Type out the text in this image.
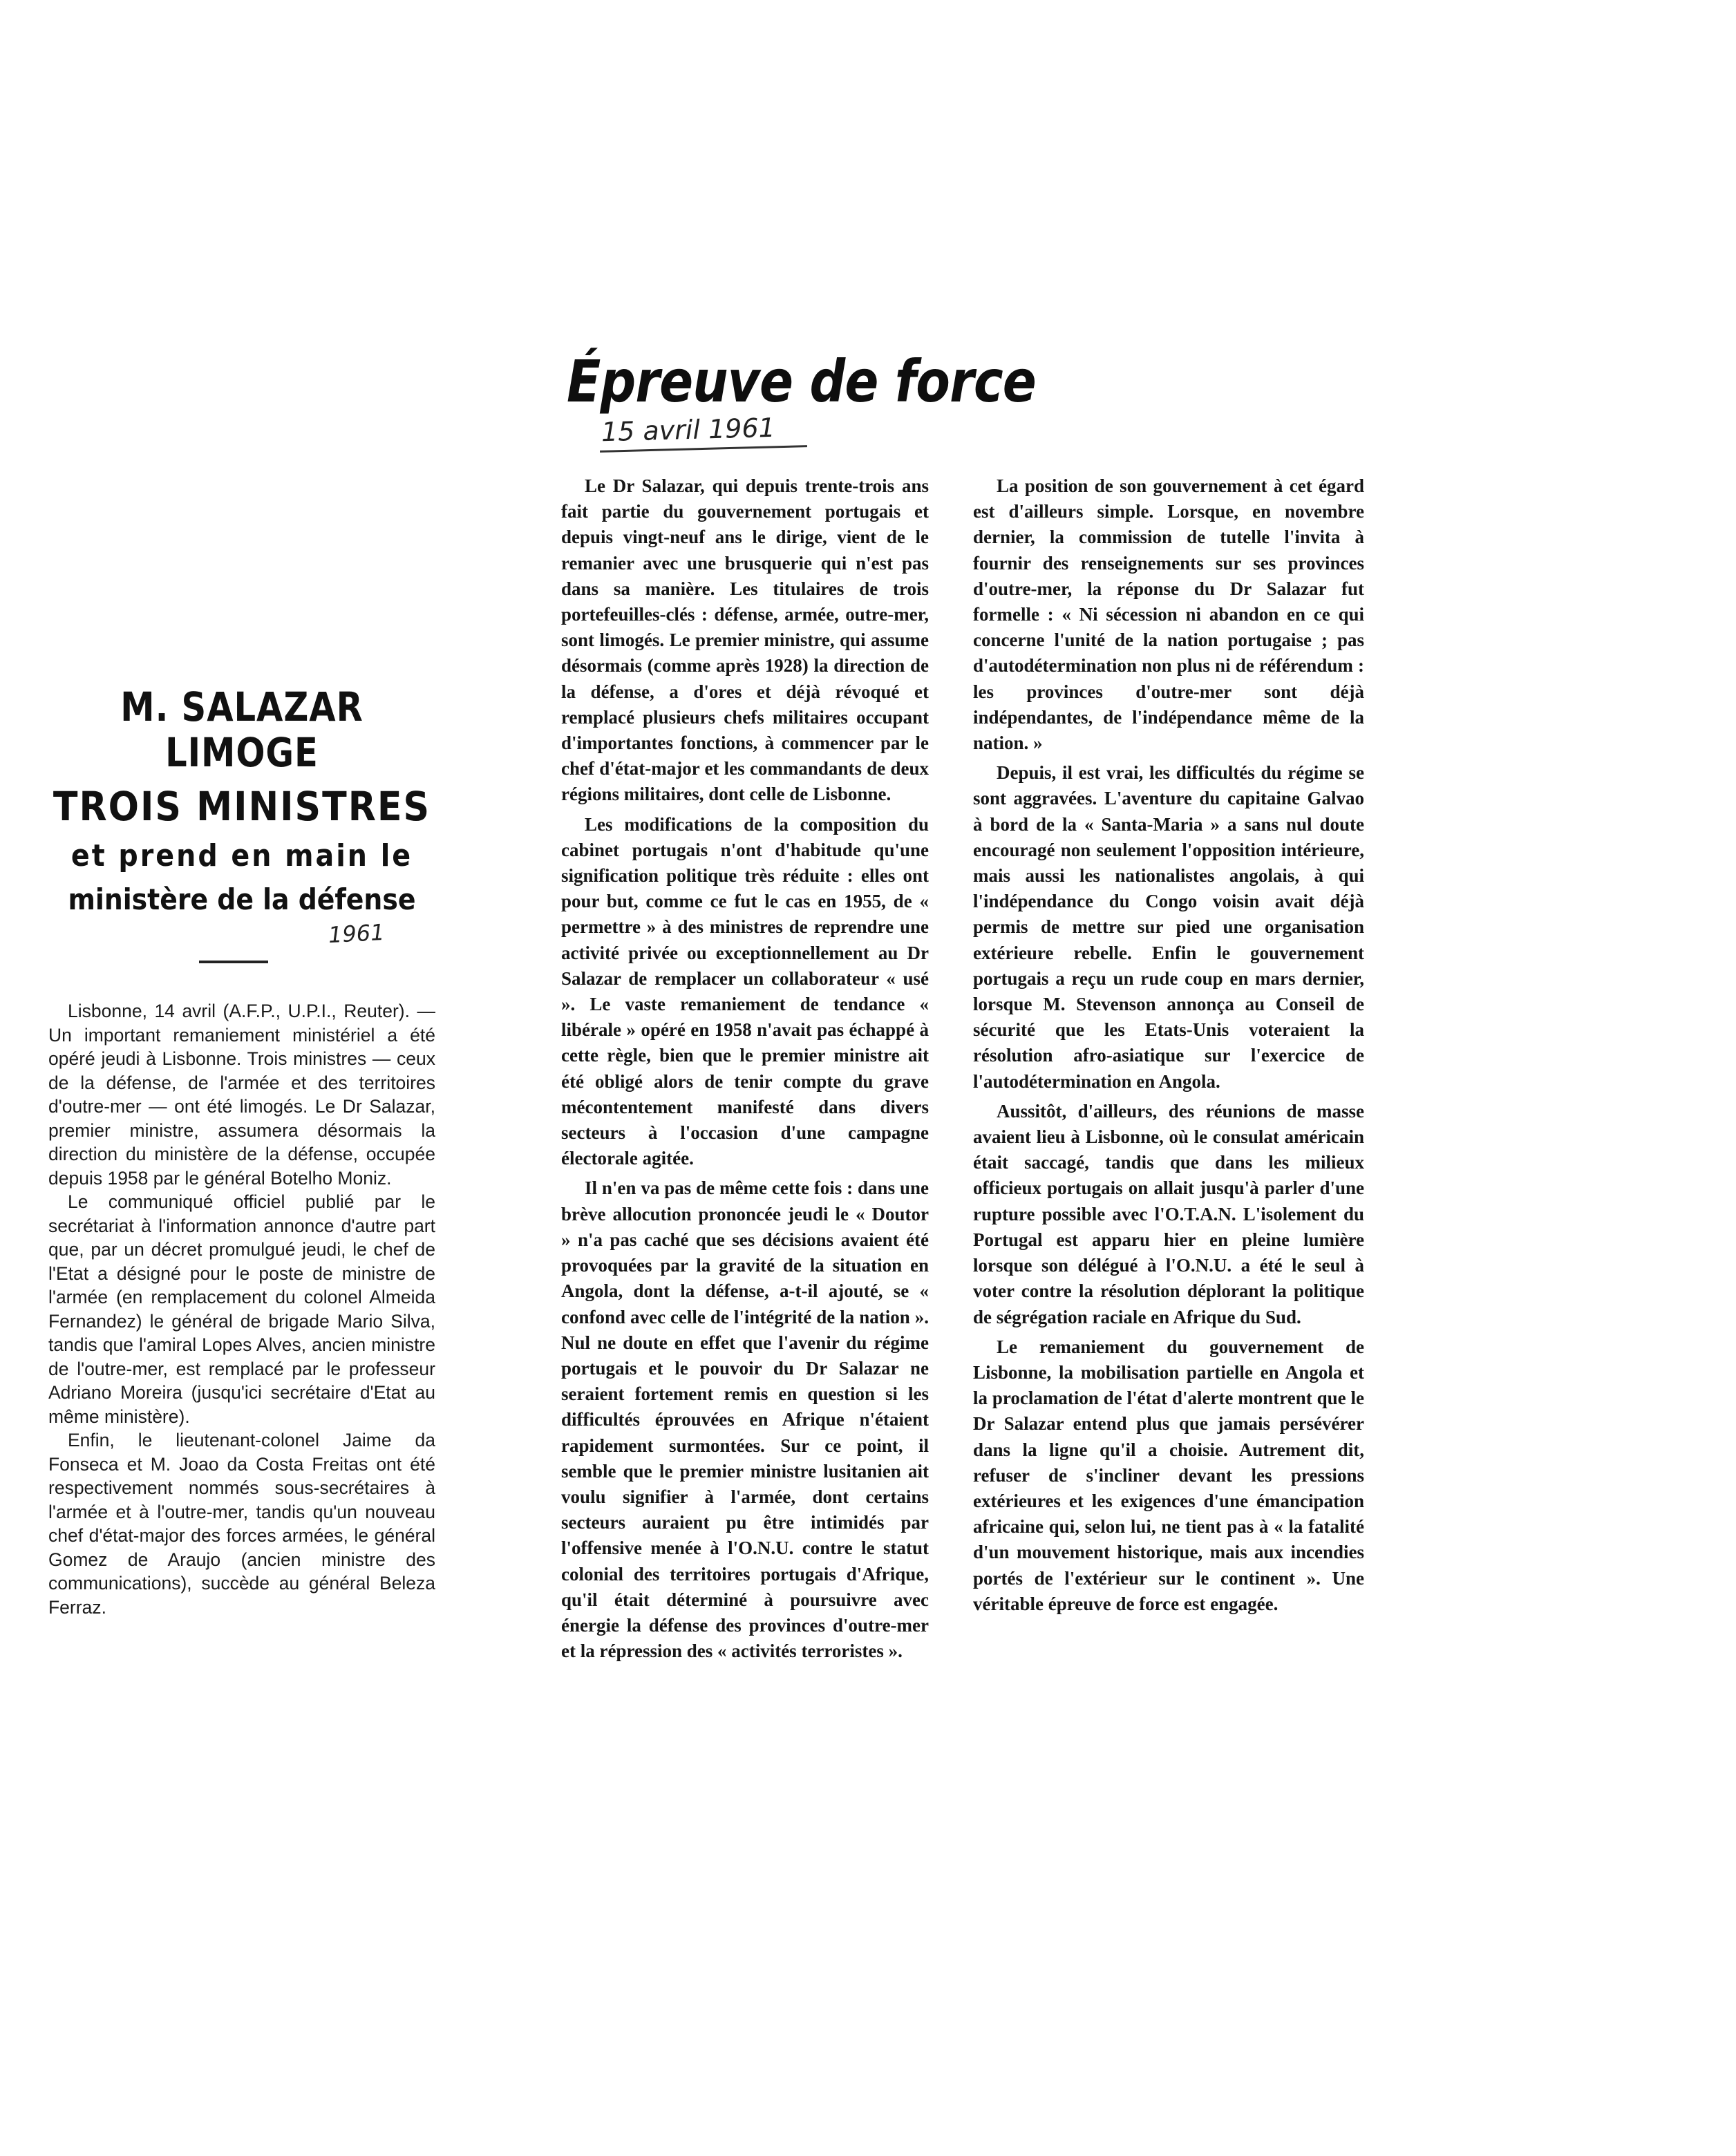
15 avril 1961
1961
M. SALAZAR LIMOGE
TROIS MINISTRES
et prend en main le
ministère de la défense

Lisbonne, 14 avril (A.F.P., U.P.I., Reuter). — Un important remaniement ministériel a été opéré jeudi à Lisbonne. Trois ministres — ceux de la défense, de l'armée et des territoires d'outre-mer — ont été limogés. Le Dr Salazar, premier ministre, assumera désormais la direction du ministère de la défense, occupée depuis 1958 par le général Botelho Moniz.

Le communiqué officiel publié par le secrétariat à l'information annonce d'autre part que, par un décret promulgué jeudi, le chef de l'Etat a désigné pour le poste de ministre de l'armée (en remplacement du colonel Almeida Fernandez) le général de brigade Mario Silva, tandis que l'amiral Lopes Alves, ancien ministre de l'outre-mer, est remplacé par le professeur Adriano Moreira (jusqu'ici secrétaire d'Etat au même ministère).

Enfin, le lieutenant-colonel Jaime da Fonseca et M. Joao da Costa Freitas ont été respectivement nommés sous-secrétaires à l'armée et à l'outre-mer, tandis qu'un nouveau chef d'état-major des forces armées, le général Gomez de Araujo (ancien ministre des communications), succède au général Beleza Ferraz.

Épreuve de force

Le Dr Salazar, qui depuis trente-trois ans fait partie du gouvernement portugais et depuis vingt-neuf ans le dirige, vient de le remanier avec une brusquerie qui n'est pas dans sa manière. Les titulaires de trois portefeuilles-clés : défense, armée, outre-mer, sont limogés. Le premier ministre, qui assume désormais (comme après 1928) la direction de la défense, a d'ores et déjà révoqué et remplacé plusieurs chefs militaires occupant d'importantes fonctions, à commencer par le chef d'état-major et les commandants de deux régions militaires, dont celle de Lisbonne.

Les modifications de la composition du cabinet portugais n'ont d'habitude qu'une signification politique très réduite : elles ont pour but, comme ce fut le cas en 1955, de « permettre » à des ministres de reprendre une activité privée ou exceptionnellement au Dr Salazar de remplacer un collaborateur « usé ». Le vaste remaniement de tendance « libérale » opéré en 1958 n'avait pas échappé à cette règle, bien que le premier ministre ait été obligé alors de tenir compte du grave mécontentement manifesté dans divers secteurs à l'occasion d'une campagne électorale agitée.

Il n'en va pas de même cette fois : dans une brève allocution prononcée jeudi le « Doutor » n'a pas caché que ses décisions avaient été provoquées par la gravité de la situation en Angola, dont la défense, a-t-il ajouté, se « confond avec celle de l'intégrité de la nation ». Nul ne doute en effet que l'avenir du régime portugais et le pouvoir du Dr Salazar ne seraient fortement remis en question si les difficultés éprouvées en Afrique n'étaient rapidement surmontées. Sur ce point, il semble que le premier ministre lusitanien ait voulu signifier à l'armée, dont certains secteurs auraient pu être intimidés par l'offensive menée à l'O.N.U. contre le statut colonial des territoires portugais d'Afrique, qu'il était déterminé à poursuivre avec énergie la défense des provinces d'outre-mer et la répression des « activités terroristes ».

La position de son gouvernement à cet égard est d'ailleurs simple. Lorsque, en novembre dernier, la commission de tutelle l'invita à fournir des renseignements sur ses provinces d'outre-mer, la réponse du Dr Salazar fut formelle : « Ni sécession ni abandon en ce qui concerne l'unité de la nation portugaise ; pas d'autodétermination non plus ni de référendum : les provinces d'outre-mer sont déjà indépendantes, de l'indépendance même de la nation. »

Depuis, il est vrai, les difficultés du régime se sont aggravées. L'aventure du capitaine Galvao à bord de la « Santa-Maria » a sans nul doute encouragé non seulement l'opposition intérieure, mais aussi les nationalistes angolais, à qui l'indépendance du Congo voisin avait déjà permis de mettre sur pied une organisation extérieure rebelle. Enfin le gouvernement portugais a reçu un rude coup en mars dernier, lorsque M. Stevenson annonça au Conseil de sécurité que les Etats-Unis voteraient la résolution afro-asiatique sur l'exercice de l'autodétermination en Angola.

Aussitôt, d'ailleurs, des réunions de masse avaient lieu à Lisbonne, où le consulat américain était saccagé, tandis que dans les milieux officieux portugais on allait jusqu'à parler d'une rupture possible avec l'O.T.A.N. L'isolement du Portugal est apparu hier en pleine lumière lorsque son délégué à l'O.N.U. a été le seul à voter contre la résolution déplorant la politique de ségrégation raciale en Afrique du Sud.

Le remaniement du gouvernement de Lisbonne, la mobilisation partielle en Angola et la proclamation de l'état d'alerte montrent que le Dr Salazar entend plus que jamais persévérer dans la ligne qu'il a choisie. Autrement dit, refuser de s'incliner devant les pressions extérieures et les exigences d'une émancipation africaine qui, selon lui, ne tient pas à « la fatalité d'un mouvement historique, mais aux incendies portés de l'extérieur sur le continent ». Une véritable épreuve de force est engagée.
